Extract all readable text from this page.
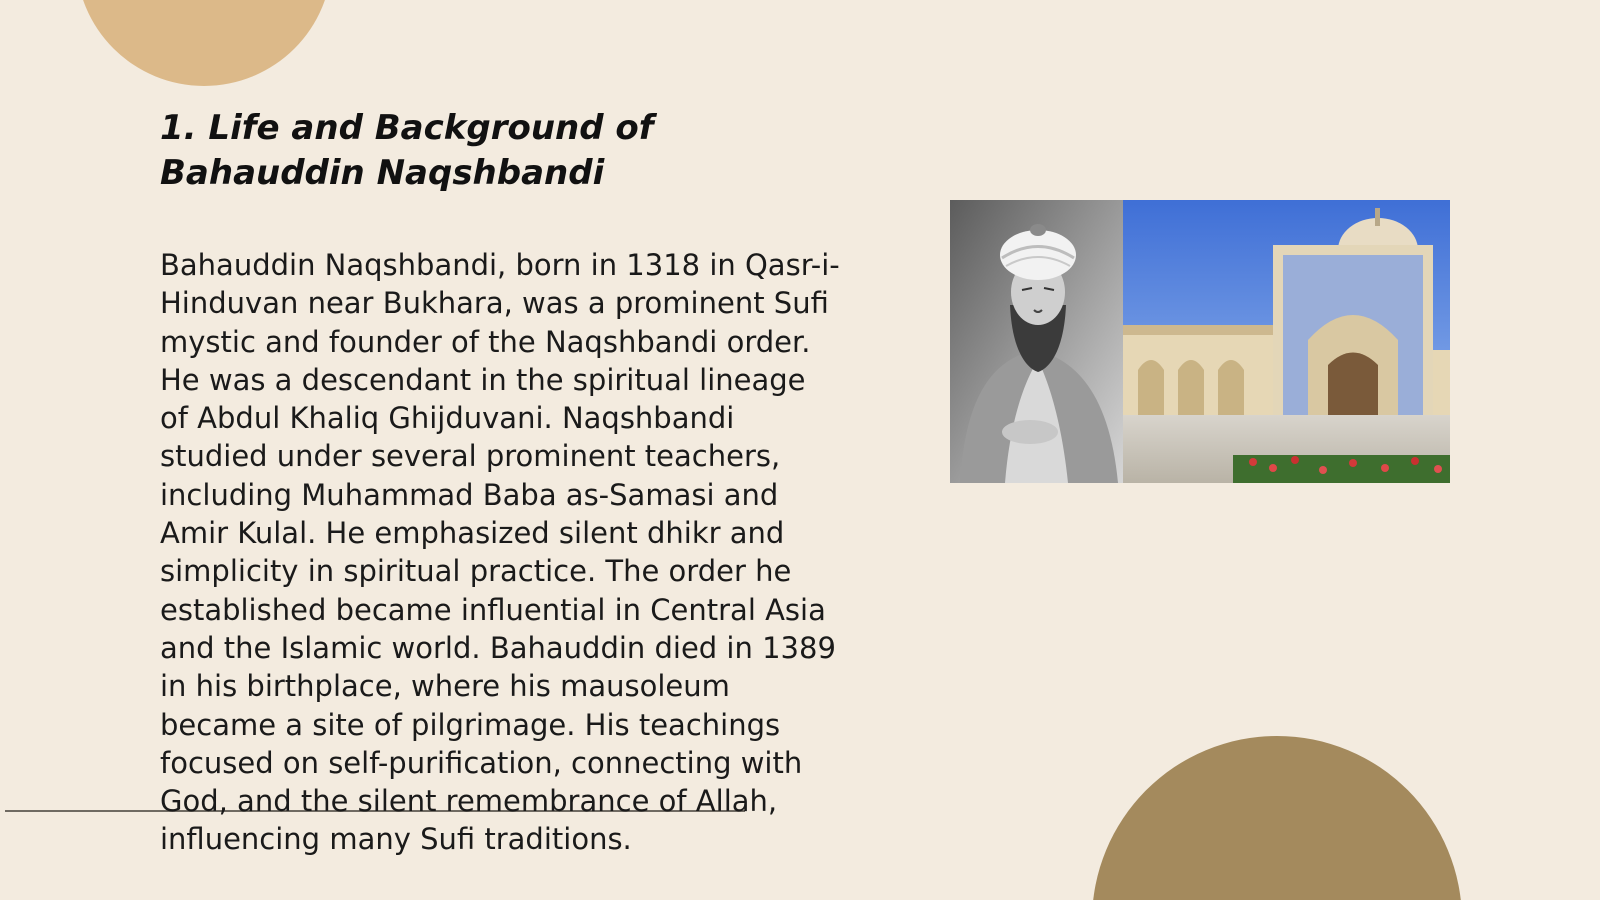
1. Life and Background of Bahauddin Naqshbandi

Bahauddin Naqshbandi, born in 1318 in Qasr-i-Hinduvan near Bukhara, was a prominent Sufi mystic and founder of the Naqshbandi order. He was a descendant in the spiritual lineage of Abdul Khaliq Ghijduvani. Naqshbandi studied under several prominent teachers, including Muhammad Baba as-Samasi and Amir Kulal. He emphasized silent dhikr and simplicity in spiritual practice. The order he established became influential in Central Asia and the Islamic world. Bahauddin died in 1389 in his birthplace, where his mausoleum became a site of pilgrimage. His teachings focused on self-purification, connecting with God, and the silent remembrance of Allah, influencing many Sufi traditions.
